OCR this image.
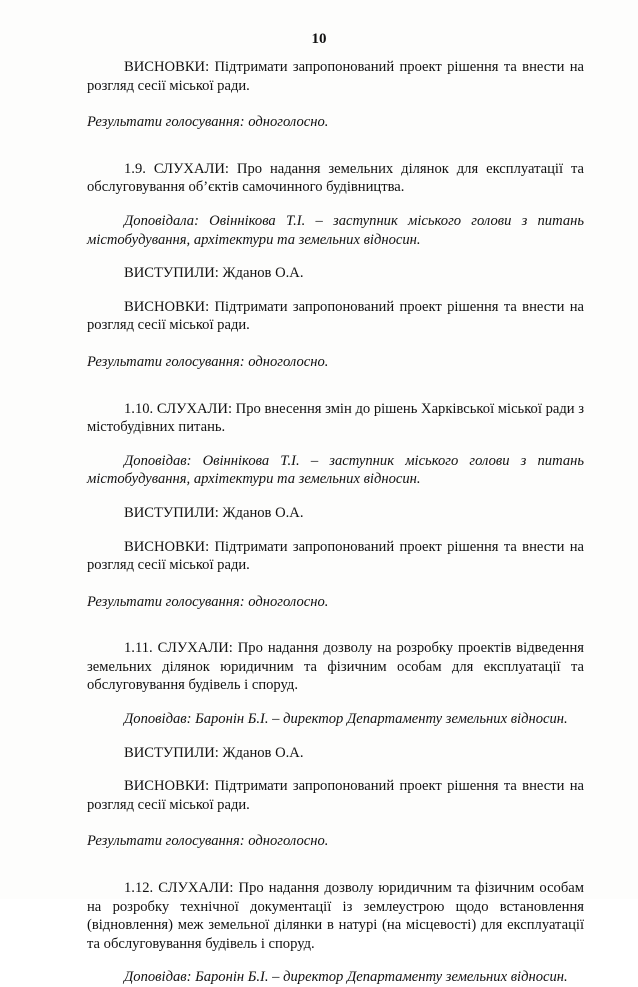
10

ВИСНОВКИ: Підтримати запропонований проект рішення та внести на розгляд сесії міської ради.

Результати голосування: одноголосно.

1.9. СЛУХАЛИ: Про надання земельних ділянок для експлуатації та обслуговування об’єктів самочинного будівництва.

Доповідала: Овіннікова Т.І. – заступник міського голови з питань містобудування, архітектури та земельних відносин.

ВИСТУПИЛИ: Жданов О.А.

ВИСНОВКИ: Підтримати запропонований проект рішення та внести на розгляд сесії міської ради.

Результати голосування: одноголосно.

1.10. СЛУХАЛИ: Про внесення змін до рішень Харківської міської ради з містобудівних питань.

Доповідав: Овіннікова Т.І. – заступник міського голови з питань містобудування, архітектури та земельних відносин.

ВИСТУПИЛИ: Жданов О.А.

ВИСНОВКИ: Підтримати запропонований проект рішення та внести на розгляд сесії міської ради.

Результати голосування: одноголосно.

1.11. СЛУХАЛИ: Про надання дозволу на розробку проектів відведення земельних ділянок юридичним та фізичним особам для експлуатації та обслуговування будівель і споруд.

Доповідав: Баронін Б.І. – директор Департаменту земельних відносин.

ВИСТУПИЛИ: Жданов О.А.

ВИСНОВКИ: Підтримати запропонований проект рішення та внести на розгляд сесії міської ради.

Результати голосування: одноголосно.

1.12. СЛУХАЛИ: Про надання дозволу юридичним та фізичним особам на розробку технічної документації із землеустрою щодо встановлення (відновлення) меж земельної ділянки в натурі (на місцевості) для експлуатації та обслуговування будівель і споруд.

Доповідав: Баронін Б.І. – директор Департаменту земельних відносин.
